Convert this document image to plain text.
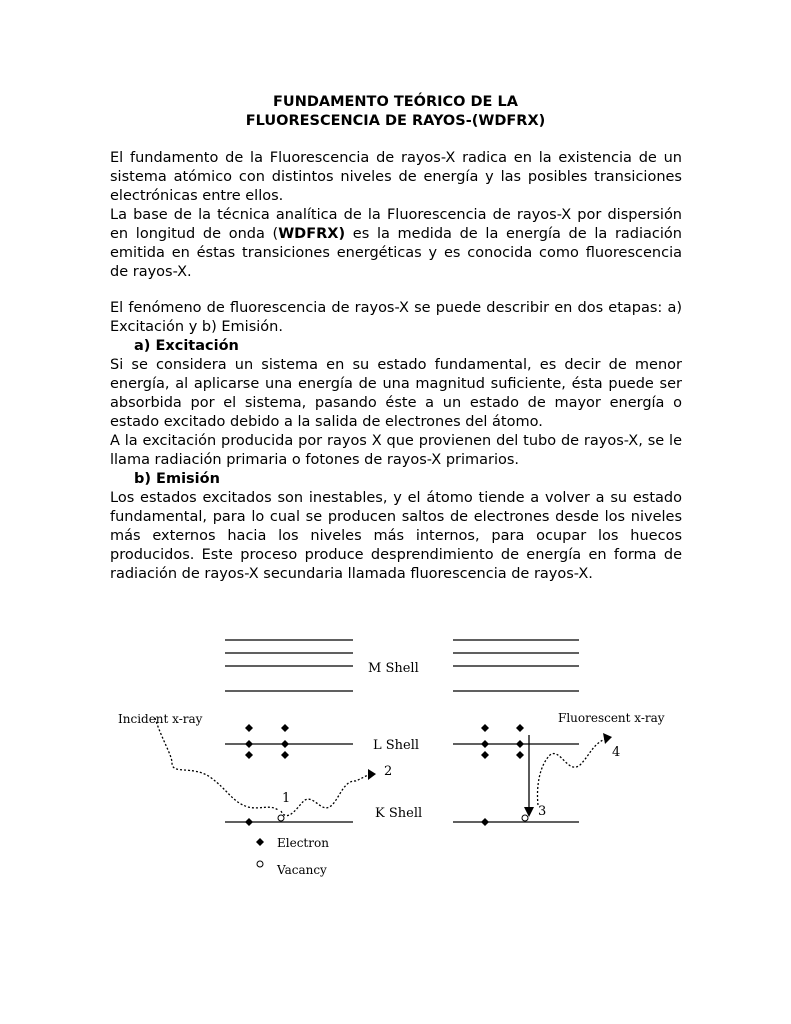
FUNDAMENTO TEÓRICO DE LA
FLUORESCENCIA DE RAYOS-(WDFRX)

El fundamento de la Fluorescencia de rayos-X radica en la existencia de un sistema atómico con distintos niveles de energía y las posibles transiciones electrónicas entre ellos.

La base de la técnica analítica de la Fluorescencia de rayos-X por dispersión en longitud de onda (WDFRX) es la medida de la energía de la radiación emitida en éstas transiciones energéticas y es conocida como fluorescencia de rayos-X.

El fenómeno de fluorescencia de rayos-X se puede describir en dos etapas: a) Excitación y b) Emisión.

a) Excitación

Si se considera un sistema en su estado fundamental, es decir de menor energía, al aplicarse una energía de una magnitud suficiente, ésta puede ser absorbida por el sistema, pasando éste a un estado de mayor energía o estado excitado debido a la salida de electrones del átomo.

A la excitación producida por rayos X que provienen del tubo de rayos-X, se le llama radiación primaria o fotones de rayos-X primarios.

b) Emisión

Los estados excitados son inestables, y el átomo tiende a volver a su estado fundamental, para lo cual se producen saltos de electrones desde los niveles más externos hacia los niveles más internos, para ocupar los huecos producidos. Este proceso produce desprendimiento de energía en forma de radiación de rayos-X secundaria llamada fluorescencia de rayos-X.

M Shell
L Shell
K Shell
Incident x-ray	Fluorescent x-ray
1
2
3
4
Electron
Vacancy
